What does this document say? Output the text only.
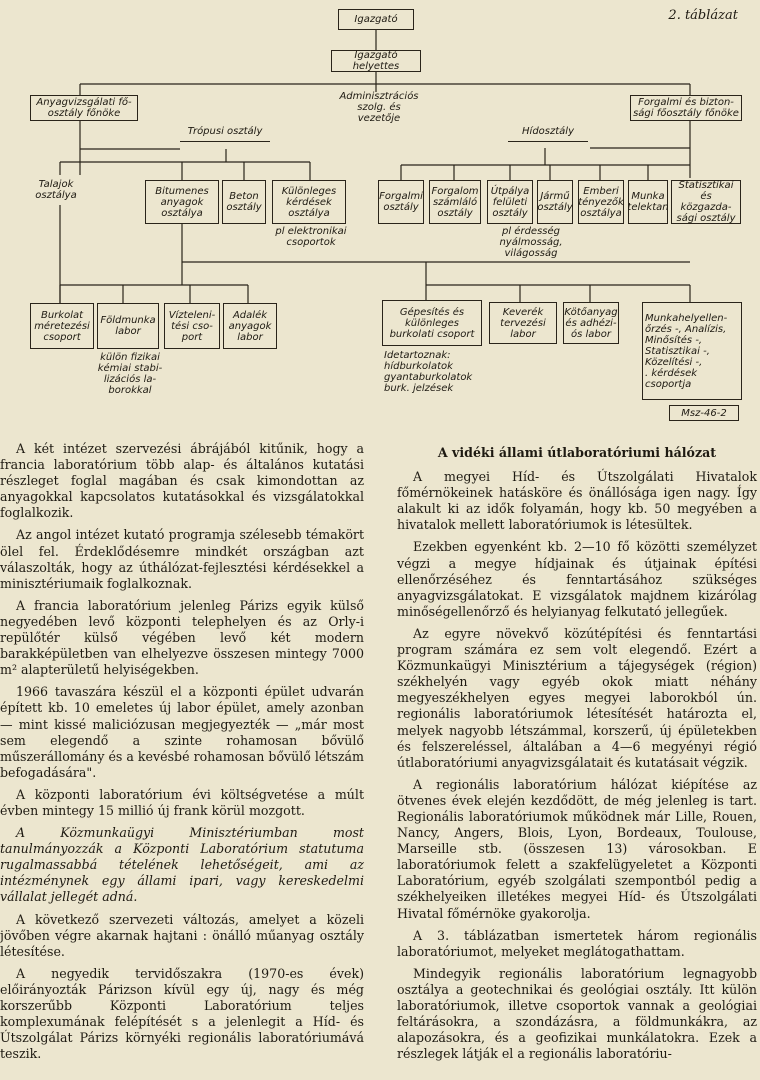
2. táblázat
Igazgató
Igazgató helyettes
Adminisztrációs
szolg. és vezetője
Anyagvizsgálati fő-
osztály főnöke
Forgalmi és bizton-
sági főosztály főnöke
Trópusi osztály	Hídosztály
Talajok
osztálya	Bitumenes
anyagok
osztálya
Beton
osztály
Különleges
kérdések
osztálya
Forgalmi
osztály
Forgalom
számláló
osztály
Útpálya
felületi
osztály
Jármű
osztály
Emberi
tényezők
osztálya
Munka
telektan
Statisztikai
és közgazda-
sági osztály
pl elektronikai
csoportok
pl érdesség
nyálmosság,
világosság
Burkolat
méretezési
csoport
Földmunka
labor
Vízteleni-
tési cso-
port
Adalék
anyagok
labor
külön fizikai
kémiai stabi-
lizációs la-
borokkal
Gépesítés és
különleges
burkolati csoport
Keverék
tervezési
labor
Kötőanyag
és adhézi-
ós labor
Munkahelyellen-
őrzés -, Analízis,
Minősítés -,
Statisztikai -,
Közelítési -,
. kérdések
csoportja
Idetartoznak:
hídburkolatok
gyantaburkolatok
burk. jelzések
Msz-46-2

A két intézet szervezési ábrájából kitűnik, hogy a francia laboratórium több alap- és általános kutatási részleget foglal magában és csak kimondottan az anyagokkal kapcsolatos kutatásokkal és vizsgálatokkal foglalkozik.

Az angol intézet kutató programja szélesebb témakört ölel fel. Érdeklődésemre mindkét országban azt válaszolták, hogy az úthálózat-fejlesztési kérdésekkel a minisztériumaik foglalkoznak.

A francia laboratórium jelenleg Párizs egyik külső negyedében levő központi telephelyen és az Orly-i repülőtér külső végében levő két modern barakképületben van elhelyezve összesen mintegy 7000 m² alapterületű helyiségekben.

1966 tavaszára készül el a központi épület udvarán épített kb. 10 emeletes új labor épület, amely azonban — mint kissé maliciózusan megjegyezték — „már most sem elegendő a szinte rohamosan bővülő műszerállomány és a kevésbé rohamosan bővülő létszám befogadására".

A központi laboratórium évi költségvetése a múlt évben mintegy 15 millió új frank körül mozgott.

A Közmunkaügyi Minisztériumban most tanulmányozzák a Központi Laboratórium statutuma rugalmassabbá tételének lehetőségeit, ami az intézménynek egy állami ipari, vagy kereskedelmi vállalat jellegét adná.

A következő szervezeti változás, amelyet a közeli jövőben végre akarnak hajtani : önálló műanyag osztály létesítése.

A negyedik tervidőszakra (1970-es évek) előirányozták Párizson kívül egy új, nagy és még korszerűbb Központi Laboratórium teljes komplexumának felépítését s a jelenlegit a Híd- és Útszolgálat Párizs környéki regionális laboratóriumává teszik.

A vidéki állami útlaboratóriumi hálózat

A megyei Híd- és Útszolgálati Hivatalok főmérnökeinek hatásköre és önállósága igen nagy. Így alakult ki az idők folyamán, hogy kb. 50 megyében a hivatalok mellett laboratóriumok is létesültek.

Ezekben egyenként kb. 2—10 fő közötti személyzet végzi a megye hídjainak és útjainak építési ellenőrzéséhez és fenntartásához szükséges anyagvizsgálatokat. E vizsgálatok majdnem kizárólag minőségellenőrző és helyianyag felkutató jellegűek.

Az egyre növekvő közútépítési és fenntartási program számára ez sem volt elegendő. Ezért a Közmunkaügyi Minisztérium a tájegységek (région) székhelyén vagy egyéb okok miatt néhány megyeszékhelyen egyes megyei laborokból ún. regionális laboratóriumok létesítését határozta el, melyek nagyobb létszámmal, korszerű, új épületekben és felszereléssel, általában a 4—6 megyényi régió útlaboratóriumi anyagvizsgálatait és kutatásait végzik.

A regionális laboratórium hálózat kiépítése az ötvenes évek elején kezdődött, de még jelenleg is tart. Regionális laboratóriumok működnek már Lille, Rouen, Nancy, Angers, Blois, Lyon, Bordeaux, Toulouse, Marseille stb. (összesen 13) városokban. E laboratóriumok felett a szakfelügyeletet a Központi Laboratórium, egyéb szolgálati szempontból pedig a székhelyeiken illetékes megyei Híd- és Útszolgálati Hivatal főmérnöke gyakorolja.

A 3. táblázatban ismertetek három regionális laboratóriumot, melyeket meglátogathattam.

Mindegyik regionális laboratórium legnagyobb osztálya a geotechnikai és geológiai osztály. Itt külön laboratóriumok, illetve csoportok vannak a geológiai feltárásokra, a szondázásra, a földmunkákra, az alapozásokra, és a geofizikai munkálatokra. Ezek a részlegek látják el a regionális laboratóriu-
